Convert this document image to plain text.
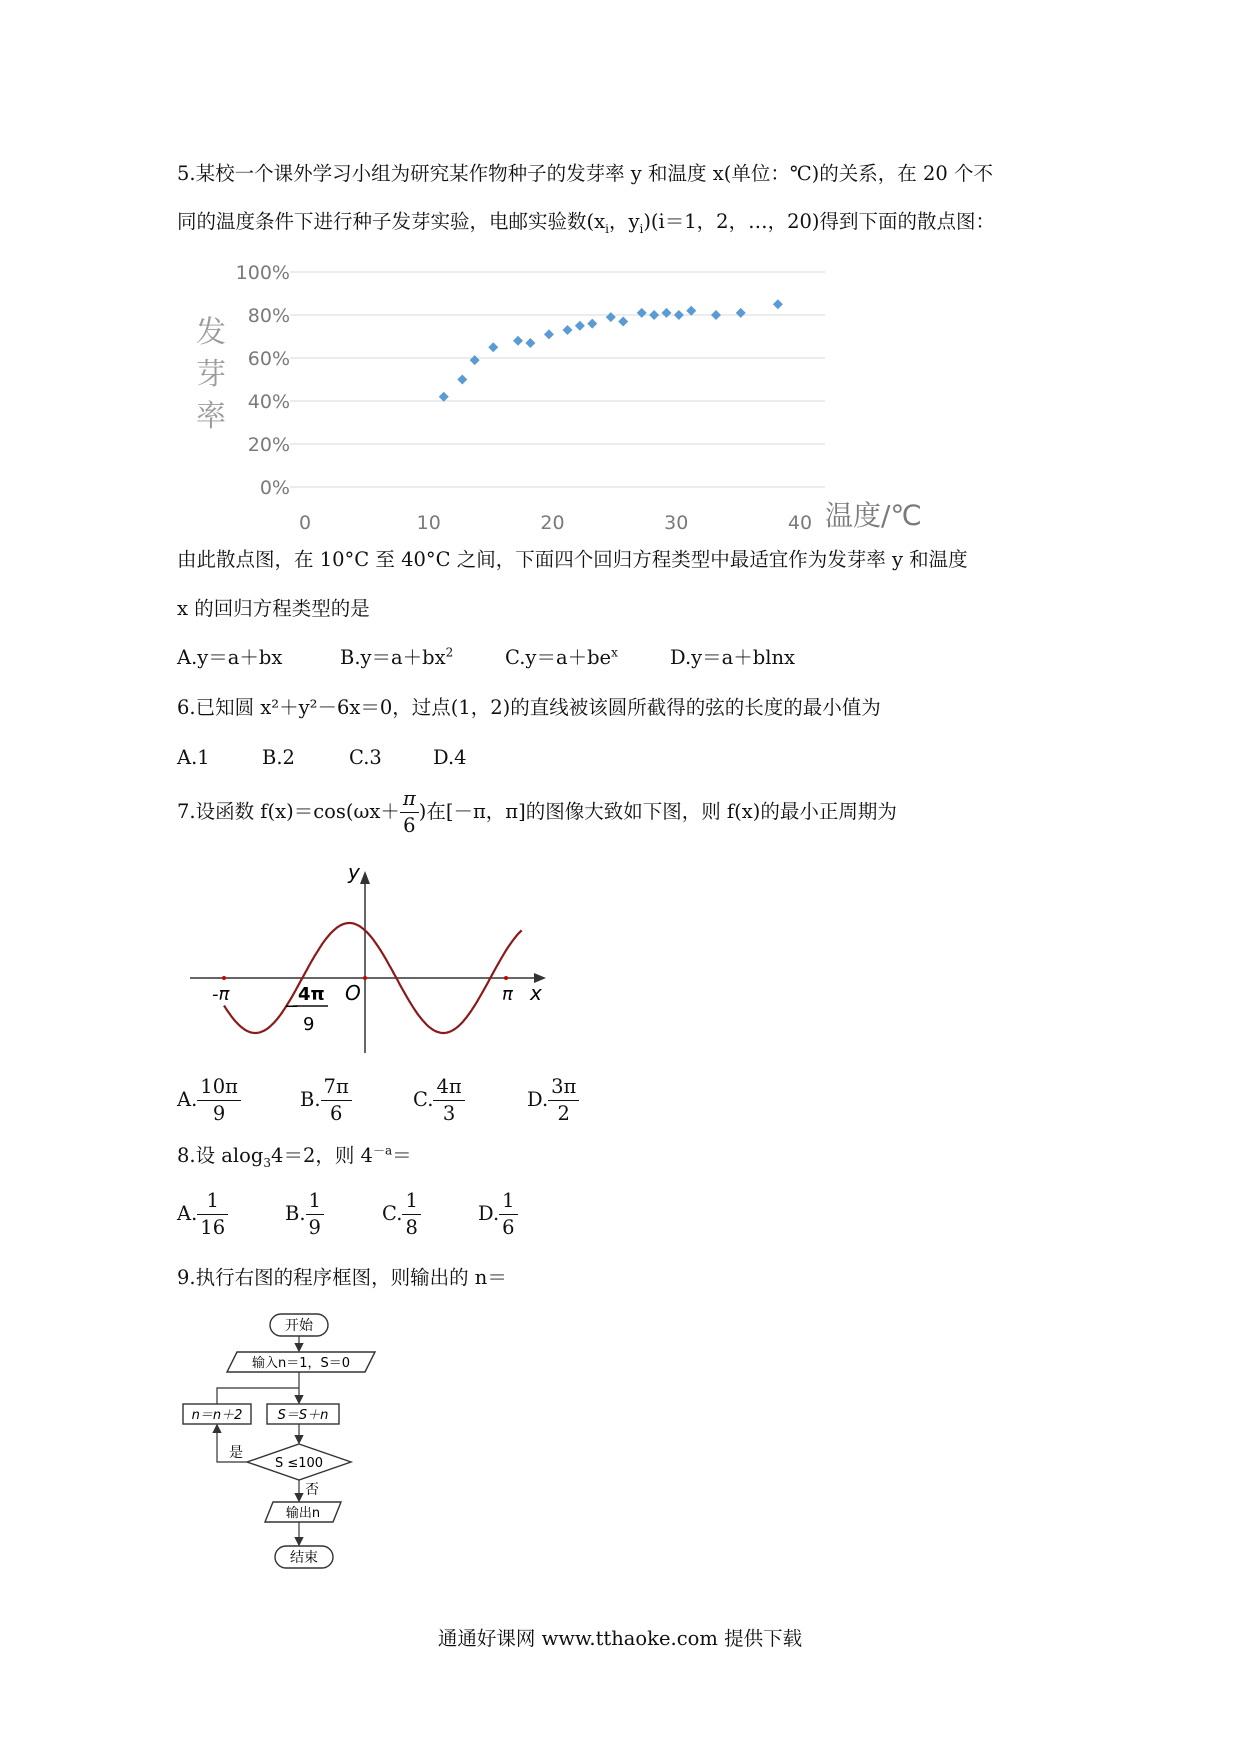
5.某校一个课外学习小组为研究某作物种子的发芽率 y 和温度 x(单位：℃)的关系，在 20 个不
同的温度条件下进行种子发芽实验，电邮实验数($x_i$，$y_i)(i=1$，2，…，20)得到下面的散点图：
0%
20%
40%
60%
80%
100%
0	10	20	30	40
发
芽
率
温度/℃
由此散点图，在 10°C 至 40°C 之间，下面四个回归方程类型中最适宜作为发芽率 y 和温度
x 的回归方程类型的是
A.y＝a＋bx	$B.y=a+bx^2$	$C.y=a+be^x$	D.y＝a＋blnx
6.已知圆 x²＋y²－6x＝0，过点(1，2)的直线被该圆所截得的弦的长度的最小值为
A.1	B.2	C.3	D.4
7.设函数 $f(x)=\cos(\omega x+ \frac{\pi}{6}$ )在[－π，π]的图像大致如下图，则 f(x)的最小正周期为
y
x
O
-π	π
4π
−
9
A. $\frac{10\pi}{9}$	B. $\frac{7\pi}{6}$	C. $\frac{4\pi}{3}$	D. $\frac{3\pi}{2}$
8.设 alog$_3$4＝2，则 $4^{-a}=$
A. $\frac{1}{16}$	B. $\frac{1}{9}$	C. $\frac{1}{8}$	D. $\frac{1}{6}$
9.执行右图的程序框图，则输出的 n＝
开始
输入n＝1，S＝0
S＝S＋n
n＝n＋2
S ≤100
是
否
输出n
结束
通通好课网 www.tthaoke.com 提供下载
